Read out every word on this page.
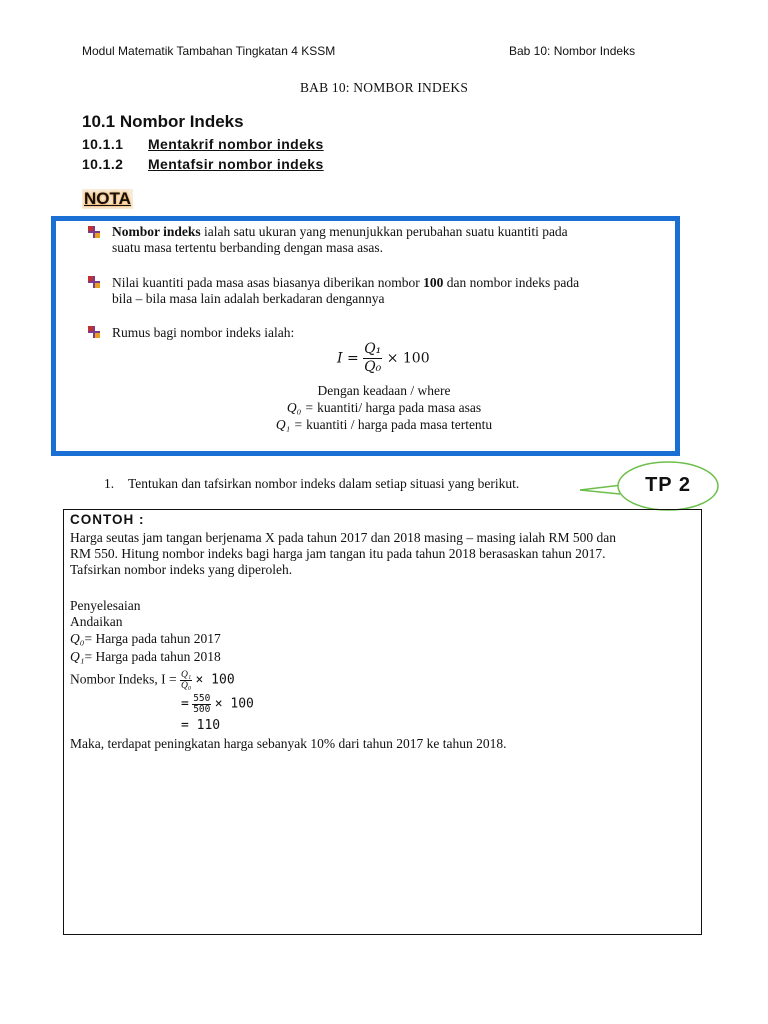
Modul Matematik Tambahan Tingkatan 4 KSSM	Bab 10: Nombor Indeks
BAB 10: NOMBOR INDEKS
10.1 Nombor Indeks
10.1.1 Mentakrif nombor indeks
10.1.2 Mentafsir nombor indeks
NOTA
Nombor indeks ialah satu ukuran yang menunjukkan perubahan suatu kuantiti pada
suatu masa tertentu berbanding dengan masa asas.
Nilai kuantiti pada masa asas biasanya diberikan nombor 100 dan nombor indeks pada
bila – bila masa lain adalah berkadaran dengannya
Rumus bagi nombor indeks ialah:
$I = \frac{\text{Q₁}}{\text{Q₀}} \times 100$
Dengan keadaan / where
Q₀ = kuantiti/ harga pada masa asas
Q₁ = kuantiti / harga pada masa tertentu
1. Tentukan dan tafsirkan nombor indeks dalam setiap situasi yang berikut.	TP 2
CONTOH :
Harga seutas jam tangan berjenama X pada tahun 2017 dan 2018 masing – masing ialah RM 500 dan
RM 550. Hitung nombor indeks bagi harga jam tangan itu pada tahun 2018 berasaskan tahun 2017.
Tafsirkan nombor indeks yang diperoleh.
Penyelesaian
Andaikan
Q₀= Harga pada tahun 2017
Q₁= Harga pada tahun 2018
Nombor Indeks, $I = \frac{\text{Q₁}}{\text{Q₀}} \times 100$
= $\frac{550}{500} \times 100$
= 110
Maka, terdapat peningkatan harga sebanyak 10% dari tahun 2017 ke tahun 2018.
